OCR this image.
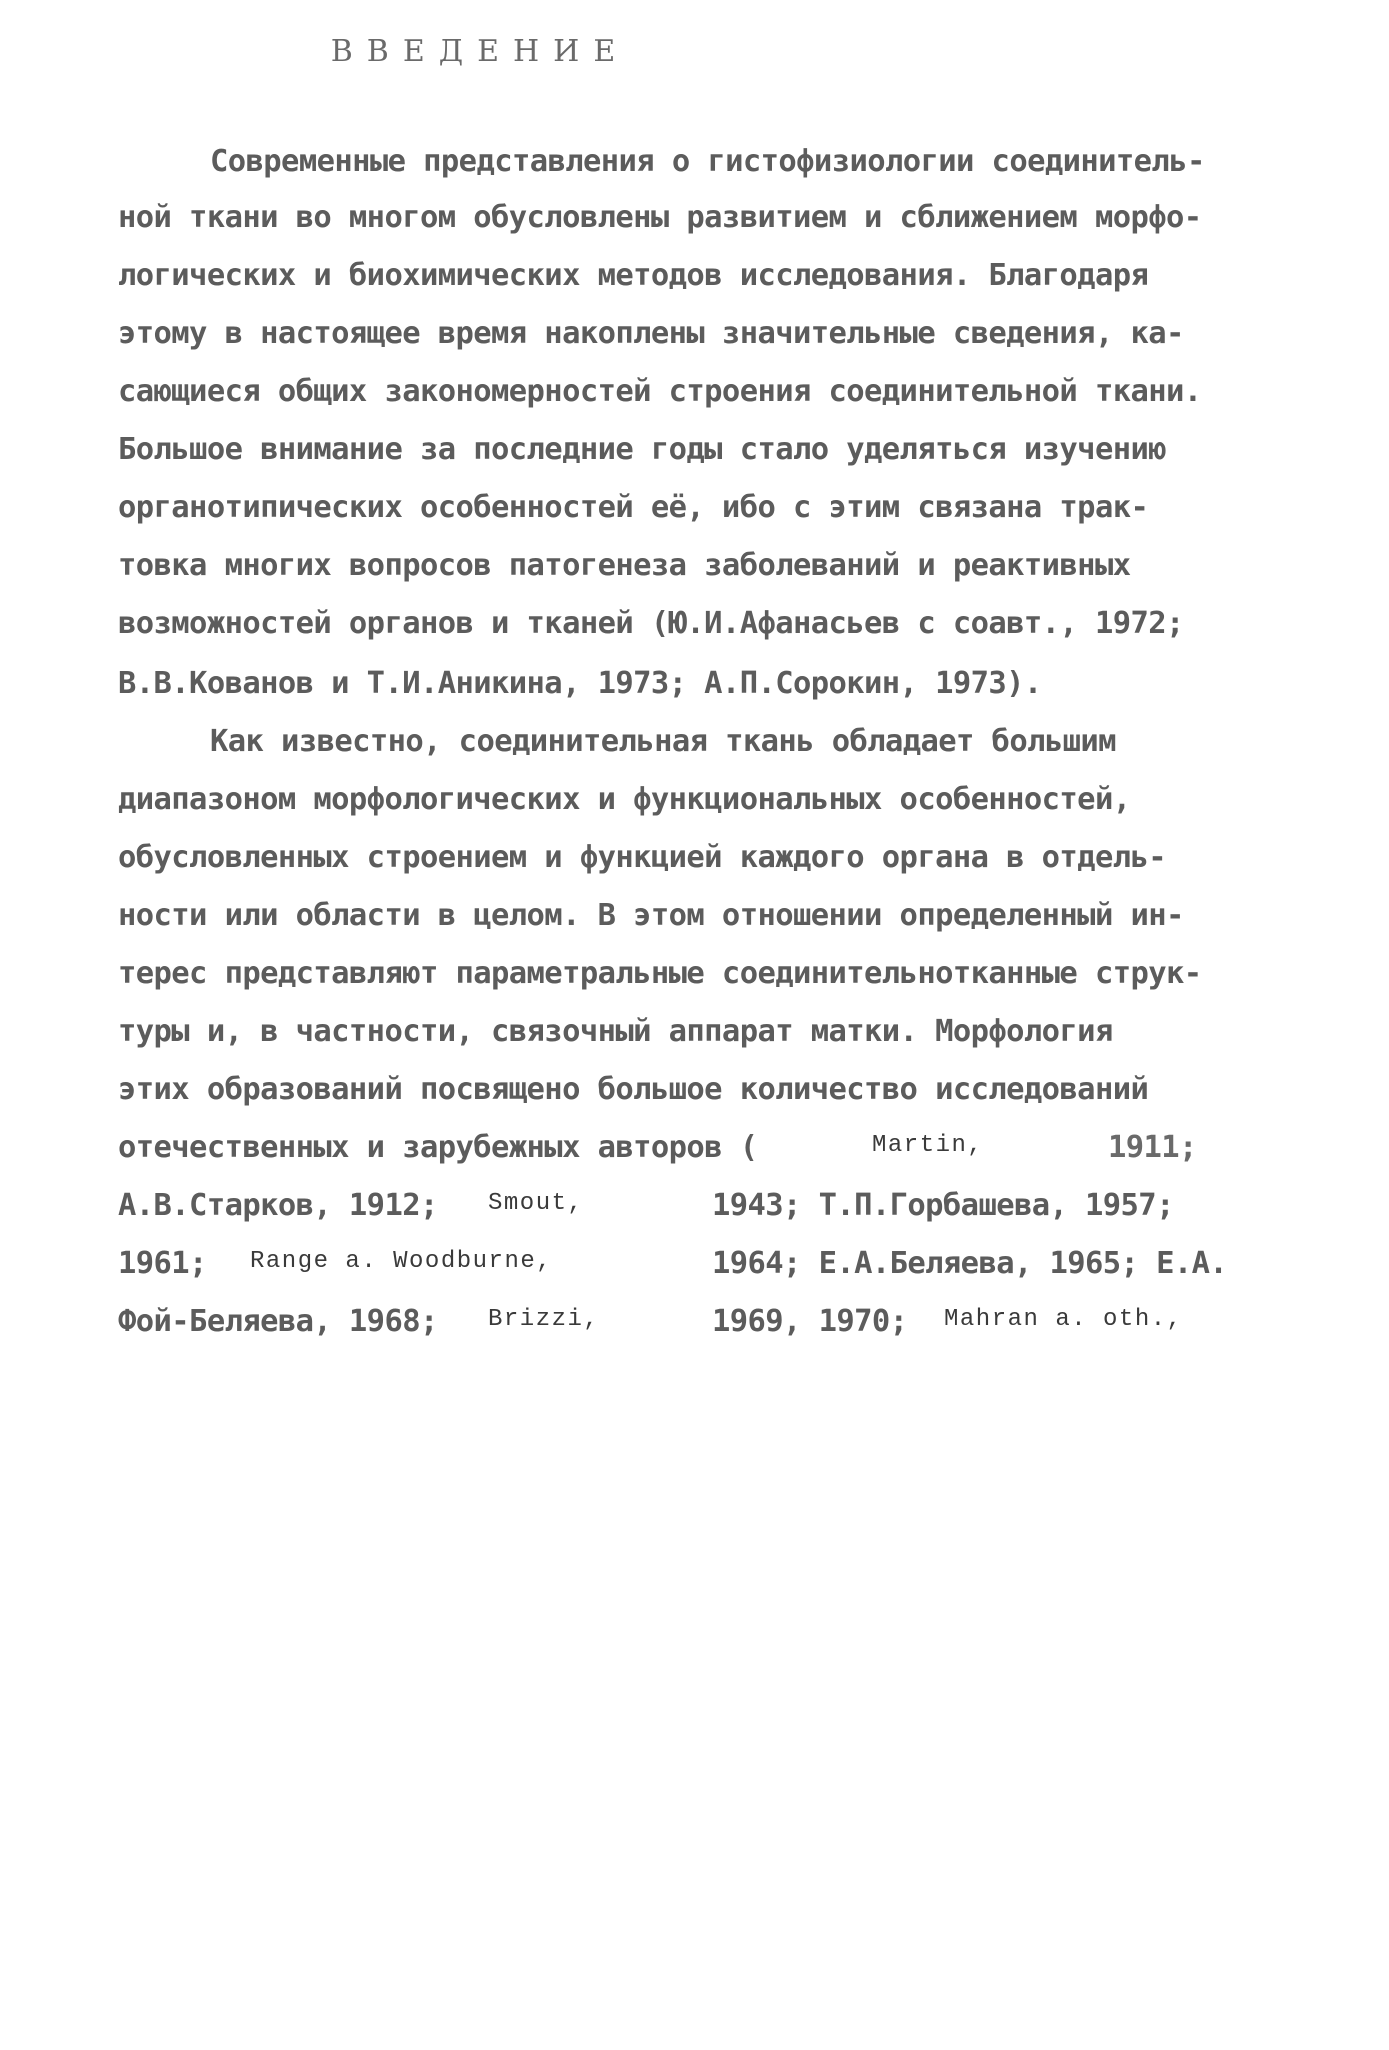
ВВЕДЕНИЕ
Современные представления о гистофизиологии соединитель-
ной ткани во многом обусловлены развитием и сближением морфо-
логических и биохимических методов исследования. Благодаря
этому в настоящее время накоплены значительные сведения, ка-
сающиеся общих закономерностей строения соединительной ткани.
Большое внимание за последние годы стало уделяться изучению
органотипических особенностей её, ибо с этим связана трак-
товка многих вопросов патогенеза заболеваний и реактивных
возможностей органов и тканей (Ю.И.Афанасьев с соавт., 1972;
В.В.Кованов и Т.И.Аникина, 1973; А.П.Сорокин, 1973).
Как известно, соединительная ткань обладает большим
диапазоном морфологических и функциональных особенностей,
обусловленных строением и функцией каждого органа в отдель-
ности или области в целом. В этом отношении определенный ин-
терес представляют параметральные соединительнотканные струк-
туры и, в частности, связочный аппарат матки. Морфология
этих образований посвящено большое количество исследований
отечественных и зарубежных авторов (	Martin,	1911;
А.В.Старков, 1912; Smout,	1943; Т.П.Горбашева, 1957;
1961; Range a. Woodburne,	1964; Е.А.Беляева, 1965; Е.А.
Фой-Беляева, 1968; Brizzi,	1969, 1970; Mahran a. oth.,
